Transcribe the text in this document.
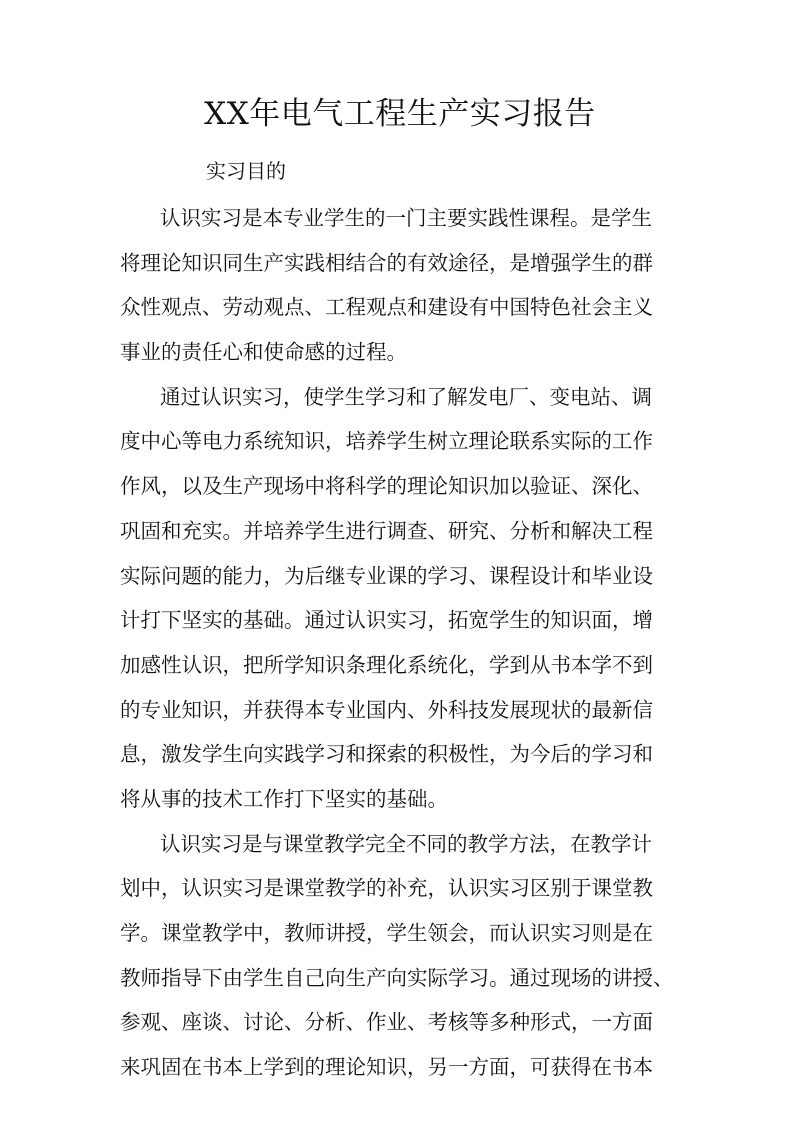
XX年电气工程生产实习报告
实习目的
认识实习是本专业学生的一门主要实践性课程。是学生
将理论知识同生产实践相结合的有效途径，是增强学生的群
众性观点、劳动观点、工程观点和建设有中国特色社会主义
事业的责任心和使命感的过程。
通过认识实习，使学生学习和了解发电厂、变电站、调
度中心等电力系统知识，培养学生树立理论联系实际的工作
作风，以及生产现场中将科学的理论知识加以验证、深化、
巩固和充实。并培养学生进行调查、研究、分析和解决工程
实际问题的能力，为后继专业课的学习、课程设计和毕业设
计打下坚实的基础。通过认识实习，拓宽学生的知识面，增
加感性认识，把所学知识条理化系统化，学到从书本学不到
的专业知识，并获得本专业国内、外科技发展现状的最新信
息，激发学生向实践学习和探索的积极性，为今后的学习和
将从事的技术工作打下坚实的基础。
认识实习是与课堂教学完全不同的教学方法，在教学计
划中，认识实习是课堂教学的补充，认识实习区别于课堂教
学。课堂教学中，教师讲授，学生领会，而认识实习则是在
教师指导下由学生自己向生产向实际学习。通过现场的讲授、
参观、座谈、讨论、分析、作业、考核等多种形式，一方面
来巩固在书本上学到的理论知识，另一方面，可获得在书本
